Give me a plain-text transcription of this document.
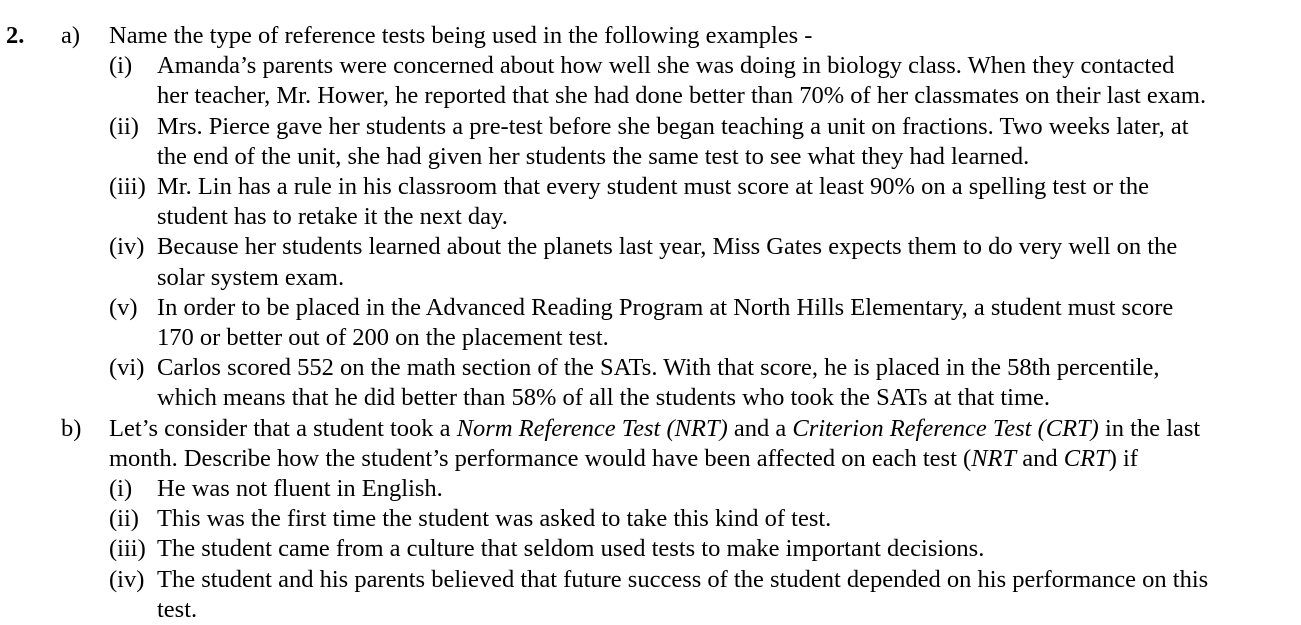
2. a) Name the type of reference tests being used in the following examples -
(i) Amanda’s parents were concerned about how well she was doing in biology class. When they contacted
her teacher, Mr. Hower, he reported that she had done better than 70% of her classmates on their last exam.
(ii) Mrs. Pierce gave her students a pre-test before she began teaching a unit on fractions. Two weeks later, at
the end of the unit, she had given her students the same test to see what they had learned.
(iii) Mr. Lin has a rule in his classroom that every student must score at least 90% on a spelling test or the
student has to retake it the next day.
(iv) Because her students learned about the planets last year, Miss Gates expects them to do very well on the
solar system exam.
(v) In order to be placed in the Advanced Reading Program at North Hills Elementary, a student must score
170 or better out of 200 on the placement test.
(vi) Carlos scored 552 on the math section of the SATs. With that score, he is placed in the 58th percentile,
which means that he did better than 58% of all the students who took the SATs at that time.
b) Let’s consider that a student took a Norm Reference Test (NRT) and a Criterion Reference Test (CRT) in the last
month. Describe how the student’s performance would have been affected on each test (NRT and CRT) if
(i) He was not fluent in English.
(ii) This was the first time the student was asked to take this kind of test.
(iii) The student came from a culture that seldom used tests to make important decisions.
(iv) The student and his parents believed that future success of the student depended on his performance on this
test.
